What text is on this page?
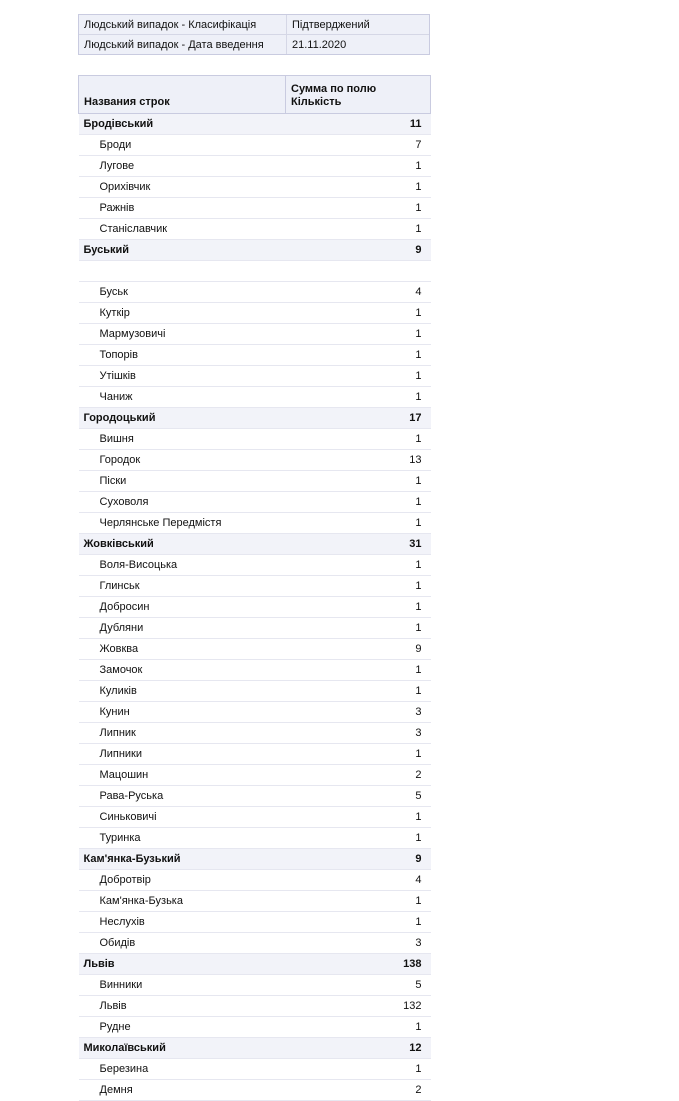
Людський випадок - Класифікація	Підтверджений
Людський випадок - Дата введення	21.11.2020
Названия строк	Сумма по полю
Кількість

Бродівський	11
Броди	7
Лугове	1
Орихівчик	1
Ражнів	1
Станіславчик	1
Буський	9

Буськ	4
Куткір	1
Мармузовичі	1
Топорів	1
Утішків	1
Чаниж	1
Городоцький	17
Вишня	1
Городок	13
Піски	1
Суховоля	1
Черлянське Передмістя	1
Жовківський	31
Воля-Висоцька	1
Глинськ	1
Добросин	1
Дубляни	1
Жовква	9
Замочок	1
Куликів	1
Кунин	3
Липник	3
Липники	1
Мацошин	2
Рава-Руська	5
Синьковичі	1
Туринка	1
Кам'янка-Бузький	9
Добротвір	4
Кам'янка-Бузька	1
Неслухів	1
Обидів	3
Львів	138
Винники	5
Львів	132
Рудне	1
Миколаївський	12
Березина	1
Демня	2
